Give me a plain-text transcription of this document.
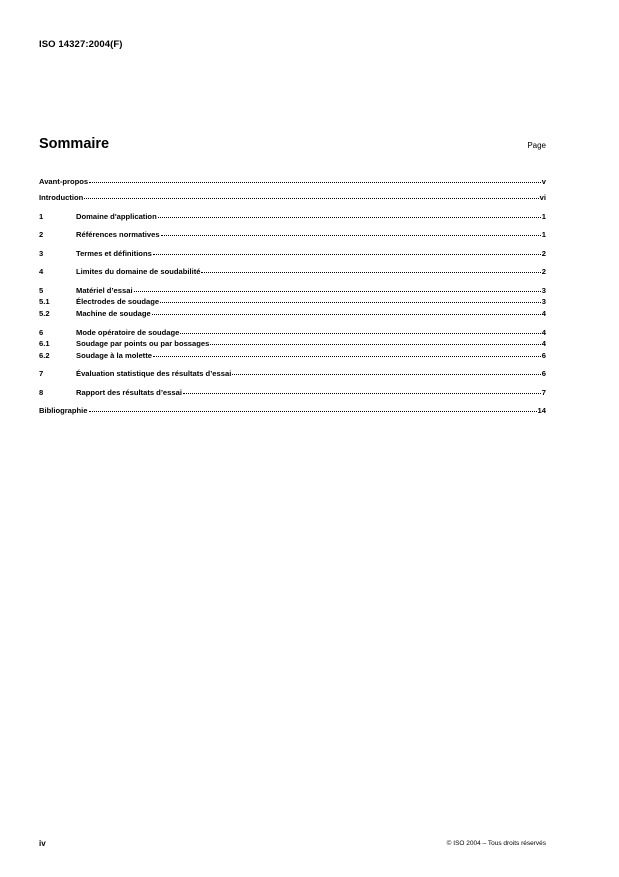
ISO 14327:2004(F)
Sommaire	Page
Avant-propos	v
Introduction	vi
1	Domaine d'application	1
2	Références normatives	1
3	Termes et définitions	2
4	Limites du domaine de soudabilité	2
5	Matériel d’essai	3
5.1	Électrodes de soudage	3
5.2	Machine de soudage	4
6	Mode opératoire de soudage	4
6.1	Soudage par points ou par bossages	4
6.2	Soudage à la molette	6
7	Évaluation statistique des résultats d’essai	6
8	Rapport des résultats d’essai	7
Bibliographie	14
iv	© ISO 2004 – Tous droits réservés
